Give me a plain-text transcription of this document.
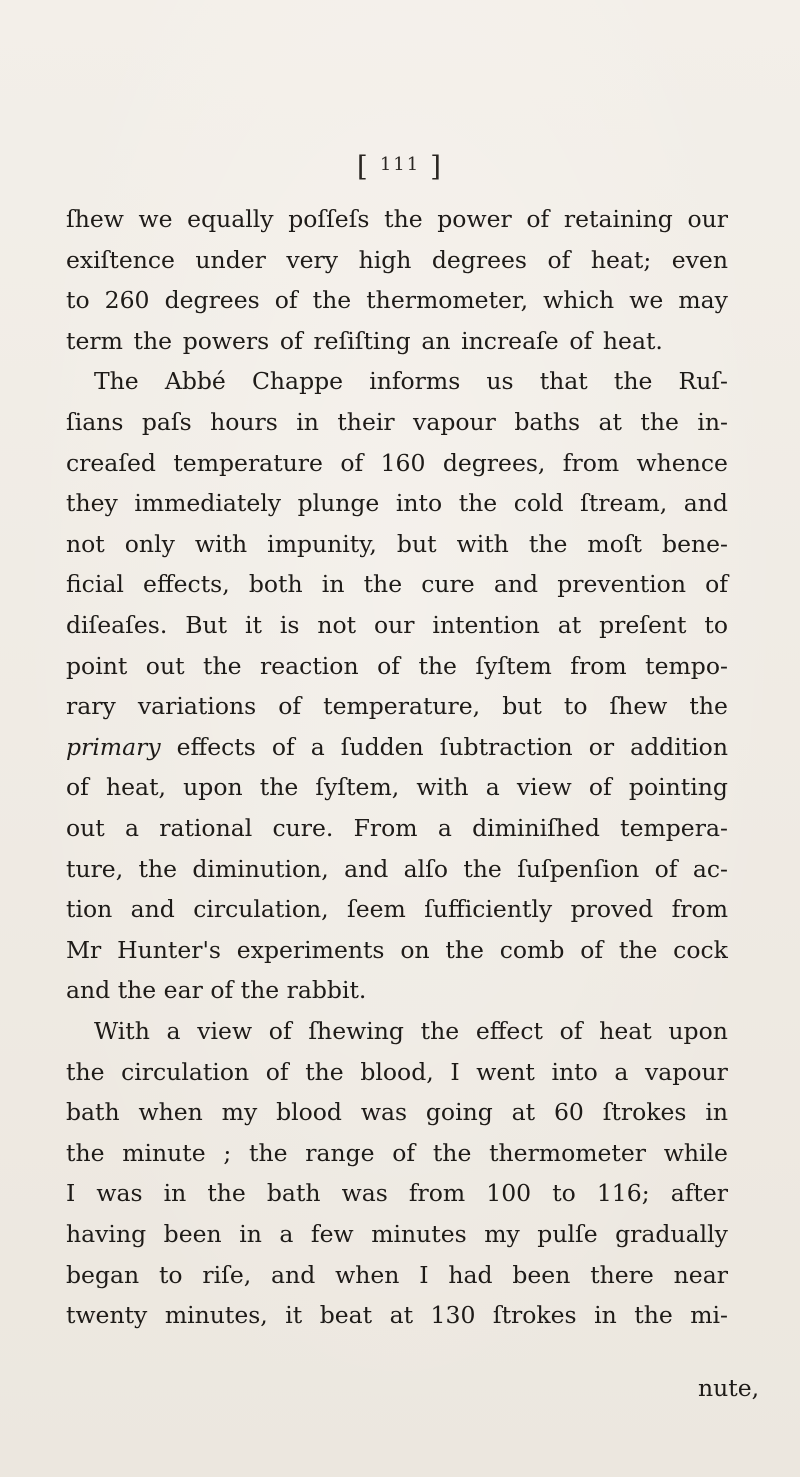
[ $^{111}$ ]
ſhew we equally poſſeſs the power of retaining our
exiſtence under very high degrees of heat; even
to 260 degrees of the thermometer, which we may
term the powers of reſiſting an increaſe of heat.
The Abbé Chappe informs us that the Ruſ-
ſians paſs hours in their vapour baths at the in-
creaſed temperature of 160 degrees, from whence
they immediately plunge into the cold ſtream, and
not only with impunity, but with the moſt bene-
ficial effects, both in the cure and prevention of
diſeaſes. But it is not our intention at preſent to
point out the reaction of the ſyſtem from tempo-
rary variations of temperature, but to ſhew the
primary effects of a ſudden ſubtraction or addition
of heat, upon the ſyſtem, with a view of pointing
out a rational cure. From a diminiſhed tempera-
ture, the diminution, and alſo the ſuſpenſion of ac-
tion and circulation, ſeem ſufficiently proved from
Mr Hunter's experiments on the comb of the cock
and
the
ear
of
the
rabbit.
With a view of ſhewing the effect of heat upon
the circulation of the blood, I went into a vapour
bath when my blood was going at 60 ſtrokes in
the minute ; the range of the thermometer while
I was in the bath was from 100 to 116; after
having been in a few minutes my pulſe gradually
began to riſe, and when I had been there near
twenty minutes, it beat at 130 ſtrokes in the mi-
nute,
